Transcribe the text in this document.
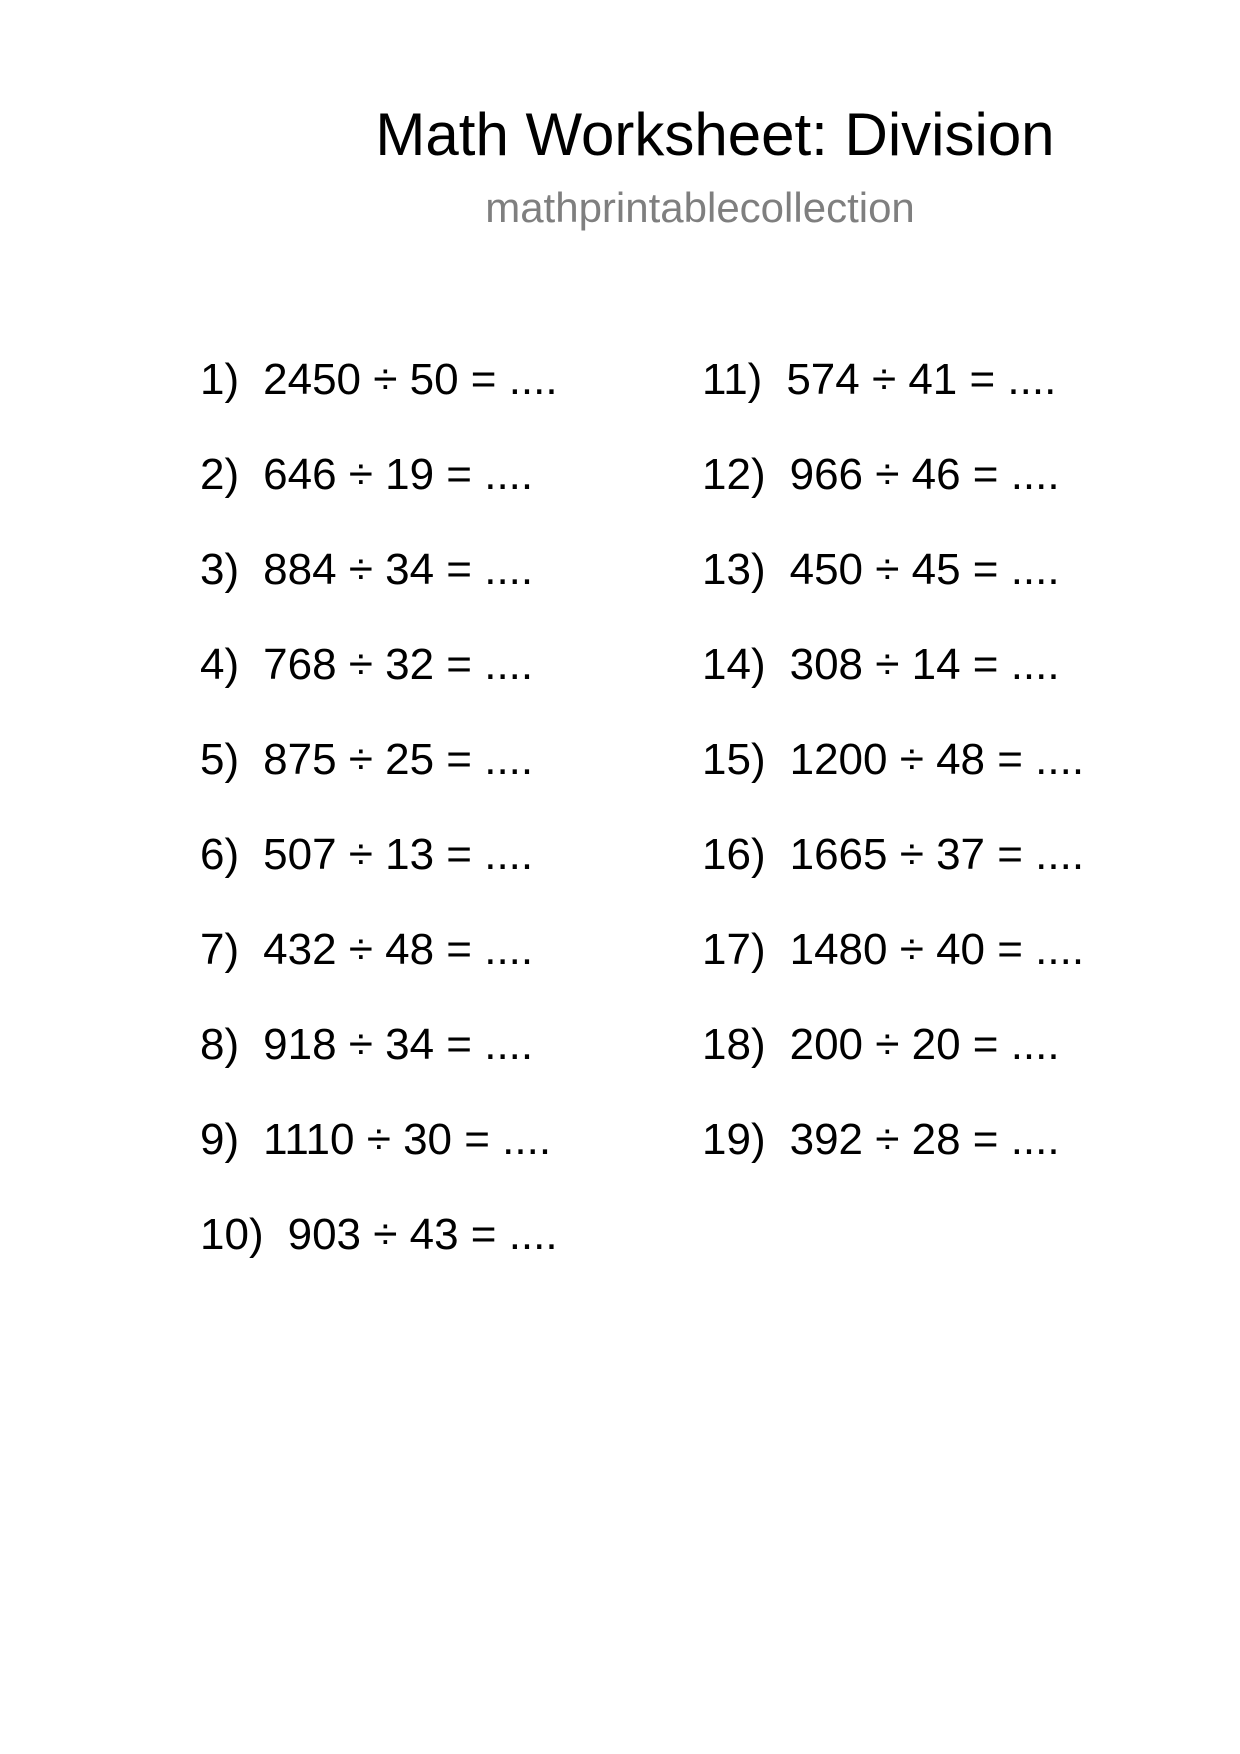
Math Worksheet: Division
mathprintablecollection
1) 2450 ÷ 50 = ....
2) 646 ÷ 19 = ....
3) 884 ÷ 34 = ....
4) 768 ÷ 32 = ....
5) 875 ÷ 25 = ....
6) 507 ÷ 13 = ....
7) 432 ÷ 48 = ....
8) 918 ÷ 34 = ....
9) 1110 ÷ 30 = ....
10) 903 ÷ 43 = ....
11) 574 ÷ 41 = ....
12) 966 ÷ 46 = ....
13) 450 ÷ 45 = ....
14) 308 ÷ 14 = ....
15) 1200 ÷ 48 = ....
16) 1665 ÷ 37 = ....
17) 1480 ÷ 40 = ....
18) 200 ÷ 20 = ....
19) 392 ÷ 28 = ....
